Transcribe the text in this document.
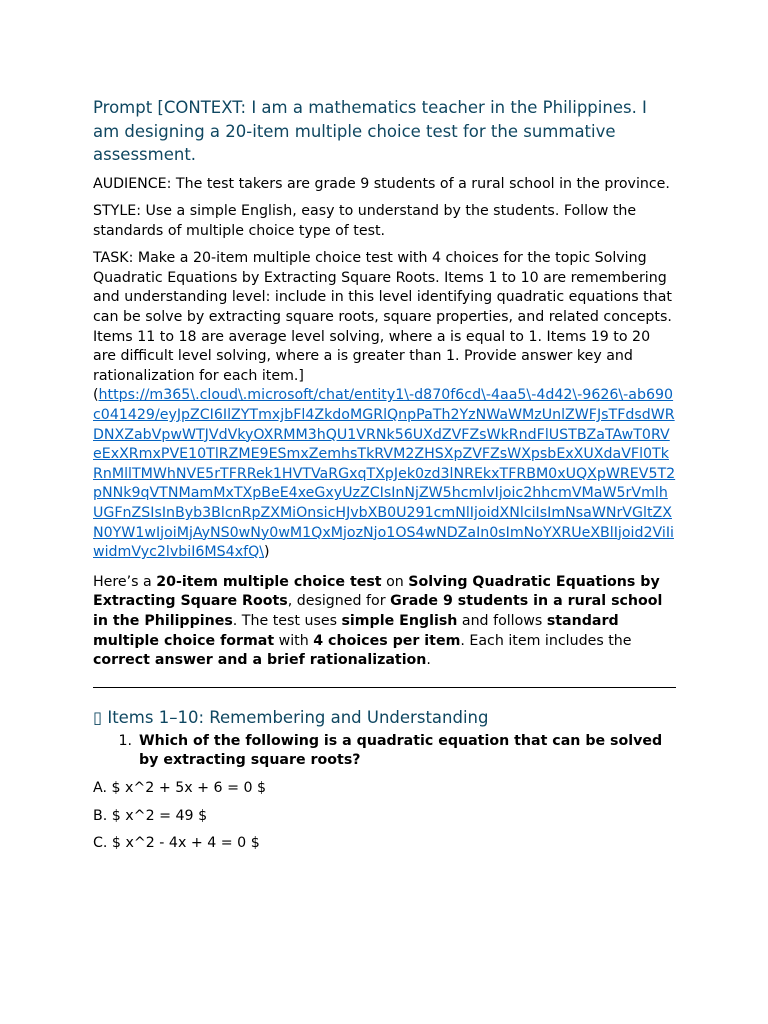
Prompt [CONTEXT: I am a mathematics teacher in the Philippines. I am designing a 20-item multiple choice test for the summative assessment.

AUDIENCE: The test takers are grade 9 students of a rural school in the province.

STYLE: Use a simple English, easy to understand by the students. Follow the standards of multiple choice type of test.

TASK: Make a 20-item multiple choice test with 4 choices for the topic Solving Quadratic Equations by Extracting Square Roots. Items 1 to 10 are remembering and understanding level: include in this level identifying quadratic equations that can be solve by extracting square roots, square properties, and related concepts. Items 11 to 18 are average level solving, where a is equal to 1. Items 19 to 20 are difficult level solving, where a is greater than 1. Provide answer key and rationalization for each item.]
(https://m365\.cloud\.microsoft/chat/entity1\-d870f6cd\-4aa5\-4d42\-9626\-ab690c041429/eyJpZCI6IlZYTmxjbFl4ZkdoMGRlQnpPaTh2YzNWaWMzUnlZWFJsTFdsdWRDNXZabVpwWTJVdVkyOXRMM3hQU1VRNk56UXdZVFZsWkRndFlUSTBZaTAwT0RVeExXRmxPVE10TlRZME9ESmxZemhsTkRVM2ZHSXpZVFZsWXpsbExXUXdaVFl0TkRnMllTMWhNVE5rTFRRek1HVTVaRGxqTXpJek0zd3lNREkxTFRBM0xUQXpWREV5T2pNNk9qVTNMamMxTXpBeE4xeGxyUzZCIsInNjZW5hcmlvIjoic2hhcmVMaW5rVmlhUGFnZSIsInByb3BlcnRpZXMiOnsicHJvbXB0U291cmNlIjoidXNlciIsImNsaWNrVGltZXN0YW1wIjoiMjAyNS0wNy0wM1QxMjozNjo1OS4wNDZaIn0sImNoYXRUeXBlIjoid2ViIiwidmVyc2lvbiI6MS4xfQ\)

Here’s a 20-item multiple choice test on Solving Quadratic Equations by Extracting Square Roots, designed for Grade 9 students in a rural school in the Philippines. The test uses simple English and follows standard multiple choice format with 4 choices per item. Each item includes the correct answer and a brief rationalization.

▯ Items 1–10: Remembering and Understanding
1. Which of the following is a quadratic equation that can be solved by extracting square roots?

A. $ x^2 + 5x + 6 = 0 $

B. $ x^2 = 49 $

C. $ x^2 - 4x + 4 = 0 $
